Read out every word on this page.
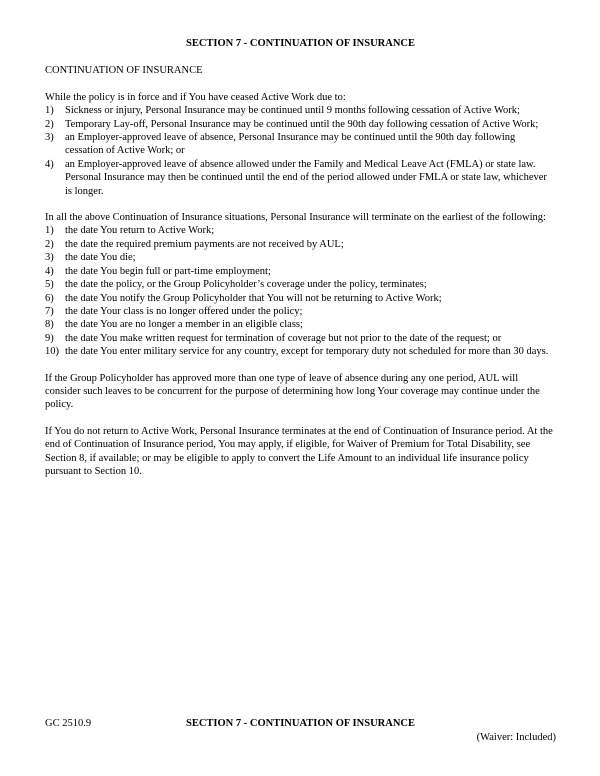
SECTION 7 - CONTINUATION OF INSURANCE
CONTINUATION OF INSURANCE
While the policy is in force and if You have ceased Active Work due to:
1)	Sickness or injury, Personal Insurance may be continued until 9 months following cessation of Active Work;
2)	Temporary Lay-off, Personal Insurance may be continued until the 90th day following cessation of Active Work;
3)	an Employer-approved leave of absence, Personal Insurance may be continued until the 90th day following cessation of Active Work; or
4)	an Employer-approved leave of absence allowed under the Family and Medical Leave Act (FMLA) or state law. Personal Insurance may then be continued until the end of the period allowed under FMLA or state law, whichever is longer.
In all the above Continuation of Insurance situations, Personal Insurance will terminate on the earliest of the following:
1)	the date You return to Active Work;
2)	the date the required premium payments are not received by AUL;
3)	the date You die;
4)	the date You begin full or part-time employment;
5)	the date the policy, or the Group Policyholder’s coverage under the policy, terminates;
6)	the date You notify the Group Policyholder that You will not be returning to Active Work;
7)	the date Your class is no longer offered under the policy;
8)	the date You are no longer a member in an eligible class;
9)	the date You make written request for termination of coverage but not prior to the date of the request; or
10) the date You enter military service for any country, except for temporary duty not scheduled for more than 30 days.
If the Group Policyholder has approved more than one type of leave of absence during any one period, AUL will consider such leaves to be concurrent for the purpose of determining how long Your coverage may continue under the policy.
If You do not return to Active Work, Personal Insurance terminates at the end of Continuation of Insurance period. At the end of Continuation of Insurance period, You may apply, if eligible, for Waiver of Premium for Total Disability, see Section 8, if available; or may be eligible to apply to convert the Life Amount to an individual life insurance policy pursuant to Section 10.
GC 2510.9	SECTION 7 - CONTINUATION OF INSURANCE
(Waiver: Included)
